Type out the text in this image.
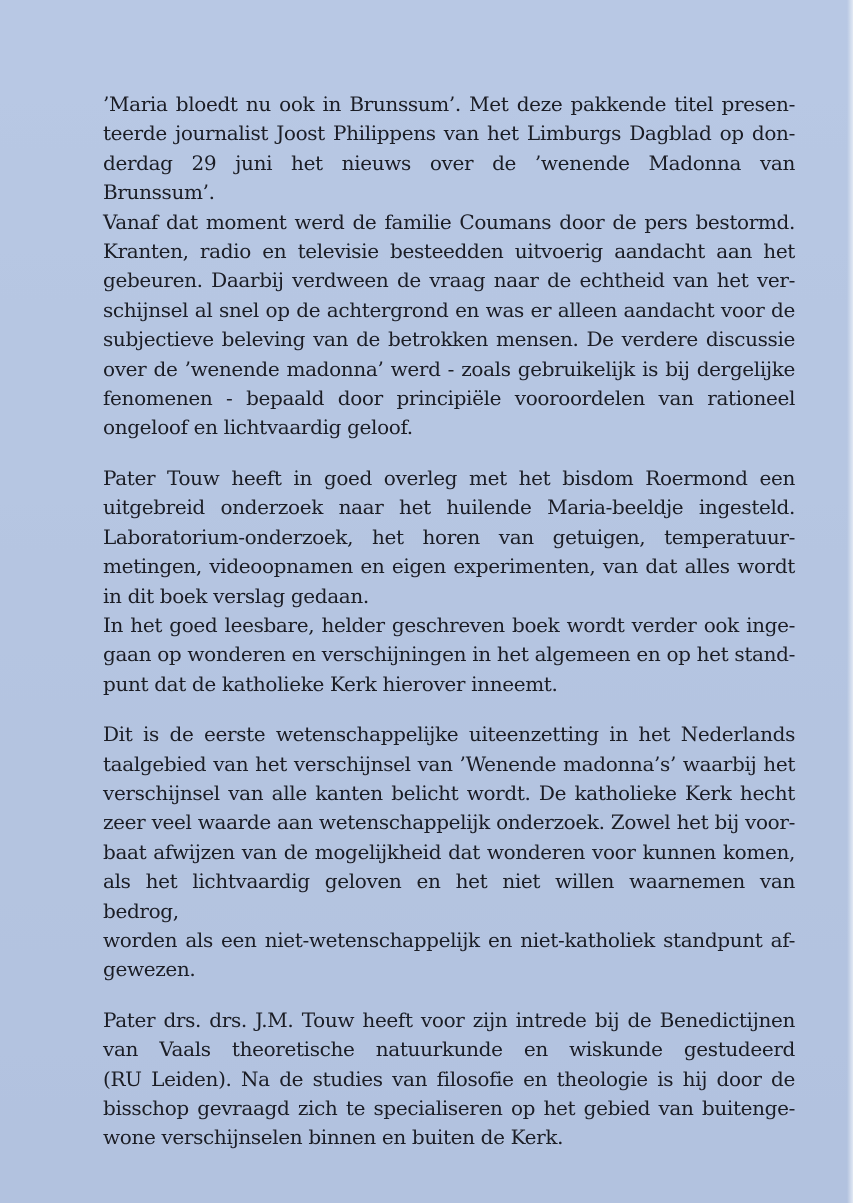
’Maria bloedt nu ook in Brunssum’. Met deze pakkende titel presen-
teerde journalist Joost Philippens van het Limburgs Dagblad op don-
derdag 29 juni het nieuws over de ’wenende Madonna van Brunssum’.
Vanaf dat moment werd de familie Coumans door de pers bestormd.
Kranten, radio en televisie besteedden uitvoerig aandacht aan het
gebeuren. Daarbij verdween de vraag naar de echtheid van het ver-
schijnsel al snel op de achtergrond en was er alleen aandacht voor de
subjectieve beleving van de betrokken mensen. De verdere discussie
over de ’wenende madonna’ werd - zoals gebruikelijk is bij dergelijke
fenomenen - bepaald door principiële vooroordelen van rationeel
ongeloof en lichtvaardig geloof.
Pater Touw heeft in goed overleg met het bisdom Roermond een
uitgebreid onderzoek naar het huilende Maria-beeldje ingesteld.
Laboratorium-onderzoek, het horen van getuigen, temperatuur-
metingen, videoopnamen en eigen experimenten, van dat alles wordt
in dit boek verslag gedaan.
In het goed leesbare, helder geschreven boek wordt verder ook inge-
gaan op wonderen en verschijningen in het algemeen en op het stand-
punt dat de katholieke Kerk hierover inneemt.
Dit is de eerste wetenschappelijke uiteenzetting in het Nederlands
taalgebied van het verschijnsel van ’Wenende madonna’s’ waarbij het
verschijnsel van alle kanten belicht wordt. De katholieke Kerk hecht
zeer veel waarde aan wetenschappelijk onderzoek. Zowel het bij voor-
baat afwijzen van de mogelijkheid dat wonderen voor kunnen komen,
als het lichtvaardig geloven en het niet willen waarnemen van bedrog,
worden als een niet-wetenschappelijk en niet-katholiek standpunt af-
gewezen.
Pater drs. drs. J.M. Touw heeft voor zijn intrede bij de Benedictijnen
van Vaals theoretische natuurkunde en wiskunde gestudeerd
(RU Leiden). Na de studies van filosofie en theologie is hij door de
bisschop gevraagd zich te specialiseren op het gebied van buitenge-
wone verschijnselen binnen en buiten de Kerk.
